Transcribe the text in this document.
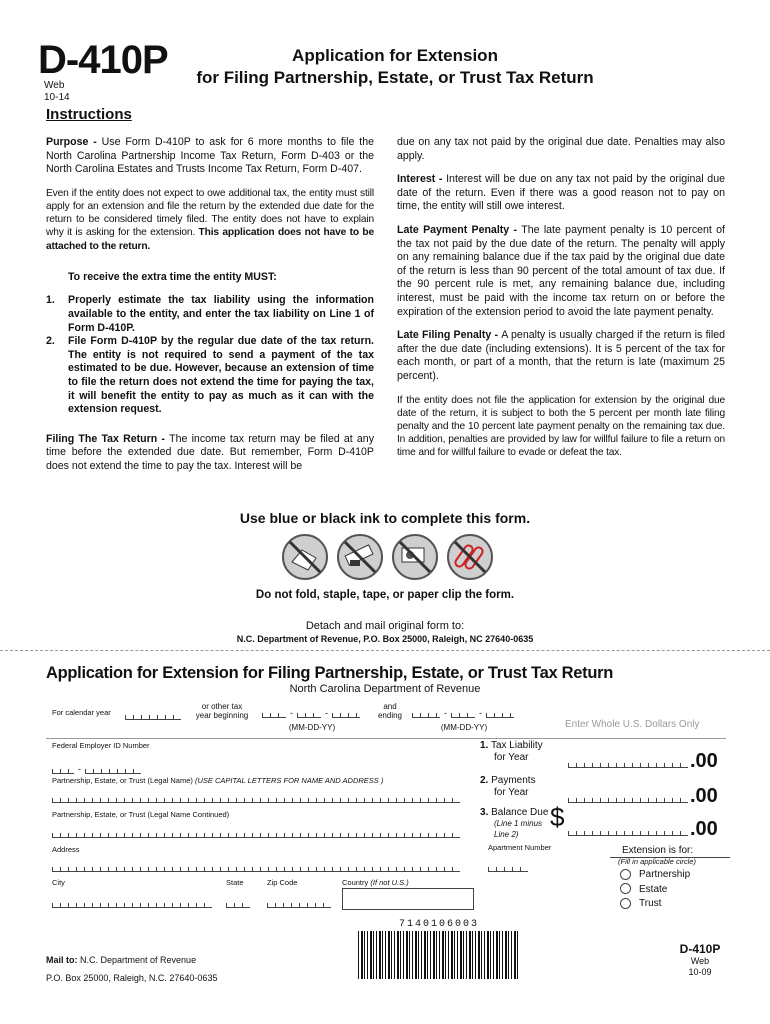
D-410P
Web
10-14
Application for Extension
for Filing Partnership, Estate, or Trust Tax Return
Instructions

Purpose - Use Form D-410P to ask for 6 more months to file the North Carolina Partnership Income Tax Return, Form D-403 or the North Carolina Estates and Trusts Income Tax Return, Form D-407.

Even if the entity does not expect to owe additional tax, the entity must still apply for an extension and file the return by the extended due date for the return to be considered timely filed. The entity does not have to explain why it is asking for the extension. This application does not have to be attached to the return.

To receive the extra time the entity MUST:
1. Properly estimate the tax liability using the information available to the entity, and enter the tax liability on Line 1 of Form D-410P.
2. File Form D-410P by the regular due date of the tax return. The entity is not required to send a payment of the tax estimated to be due. However, because an extension of time to file the return does not extend the time for paying the tax, it will benefit the entity to pay as much as it can with the extension request.

Filing The Tax Return - The income tax return may be filed at any time before the extended due date. But remember, Form D-410P does not extend the time to pay the tax. Interest will be

due on any tax not paid by the original due date. Penalties may also apply.

Interest - Interest will be due on any tax not paid by the original due date of the return. Even if there was a good reason not to pay on time, the entity will still owe interest.

Late Payment Penalty - The late payment penalty is 10 percent of the tax not paid by the due date of the return. The penalty will apply on any remaining balance due if the tax paid by the original due date of the return is less than 90 percent of the total amount of tax due. If the 90 percent rule is met, any remaining balance due, including interest, must be paid with the income tax return on or before the expiration of the extension period to avoid the late payment penalty.

Late Filing Penalty - A penalty is usually charged if the return is filed after the due date (including extensions). It is 5 percent of the tax for each month, or part of a month, that the return is late (maximum 25 percent).

If the entity does not file the application for extension by the original due date of the return, it is subject to both the 5 percent per month late filing penalty and the 10 percent late payment penalty on the remaining tax due. In addition, penalties are provided by law for willful failure to file a return on time and for willful failure to evade or defeat the tax.

Use blue or black ink to complete this form.
Do not fold, staple, tape, or paper clip the form.
Detach and mail original form to:
N.C. Department of Revenue, P.O. Box 25000, Raleigh, NC 27640-0635
Application for Extension for Filing Partnership, Estate, or Trust Tax Return
North Carolina Department of Revenue
For calendar year
or other tax
year beginning	-	-
(MM-DD-YY)
and
ending	-	-
(MM-DD-YY)	Enter Whole U.S. Dollars Only
Federal Employer ID Number
-
Partnership, Estate, or Trust (Legal Name) (USE CAPITAL LETTERS FOR NAME AND ADDRESS )
Partnership, Estate, or Trust (Legal Name Continued)
Address
City	State	Zip Code	Country (If not U.S.)
1. Tax Liability
for Year	.00
2. Payments
for Year	.00
3. Balance Due
(Line 1 minus
Line 2)
$	.00
Apartment Number	Extension is for:
(Fill in applicable circle)
Partnership
Estate
Trust
7140106003
Mail to: N.C. Department of Revenue
P.O. Box 25000, Raleigh, N.C. 27640-0635
D-410P
Web
10-09
